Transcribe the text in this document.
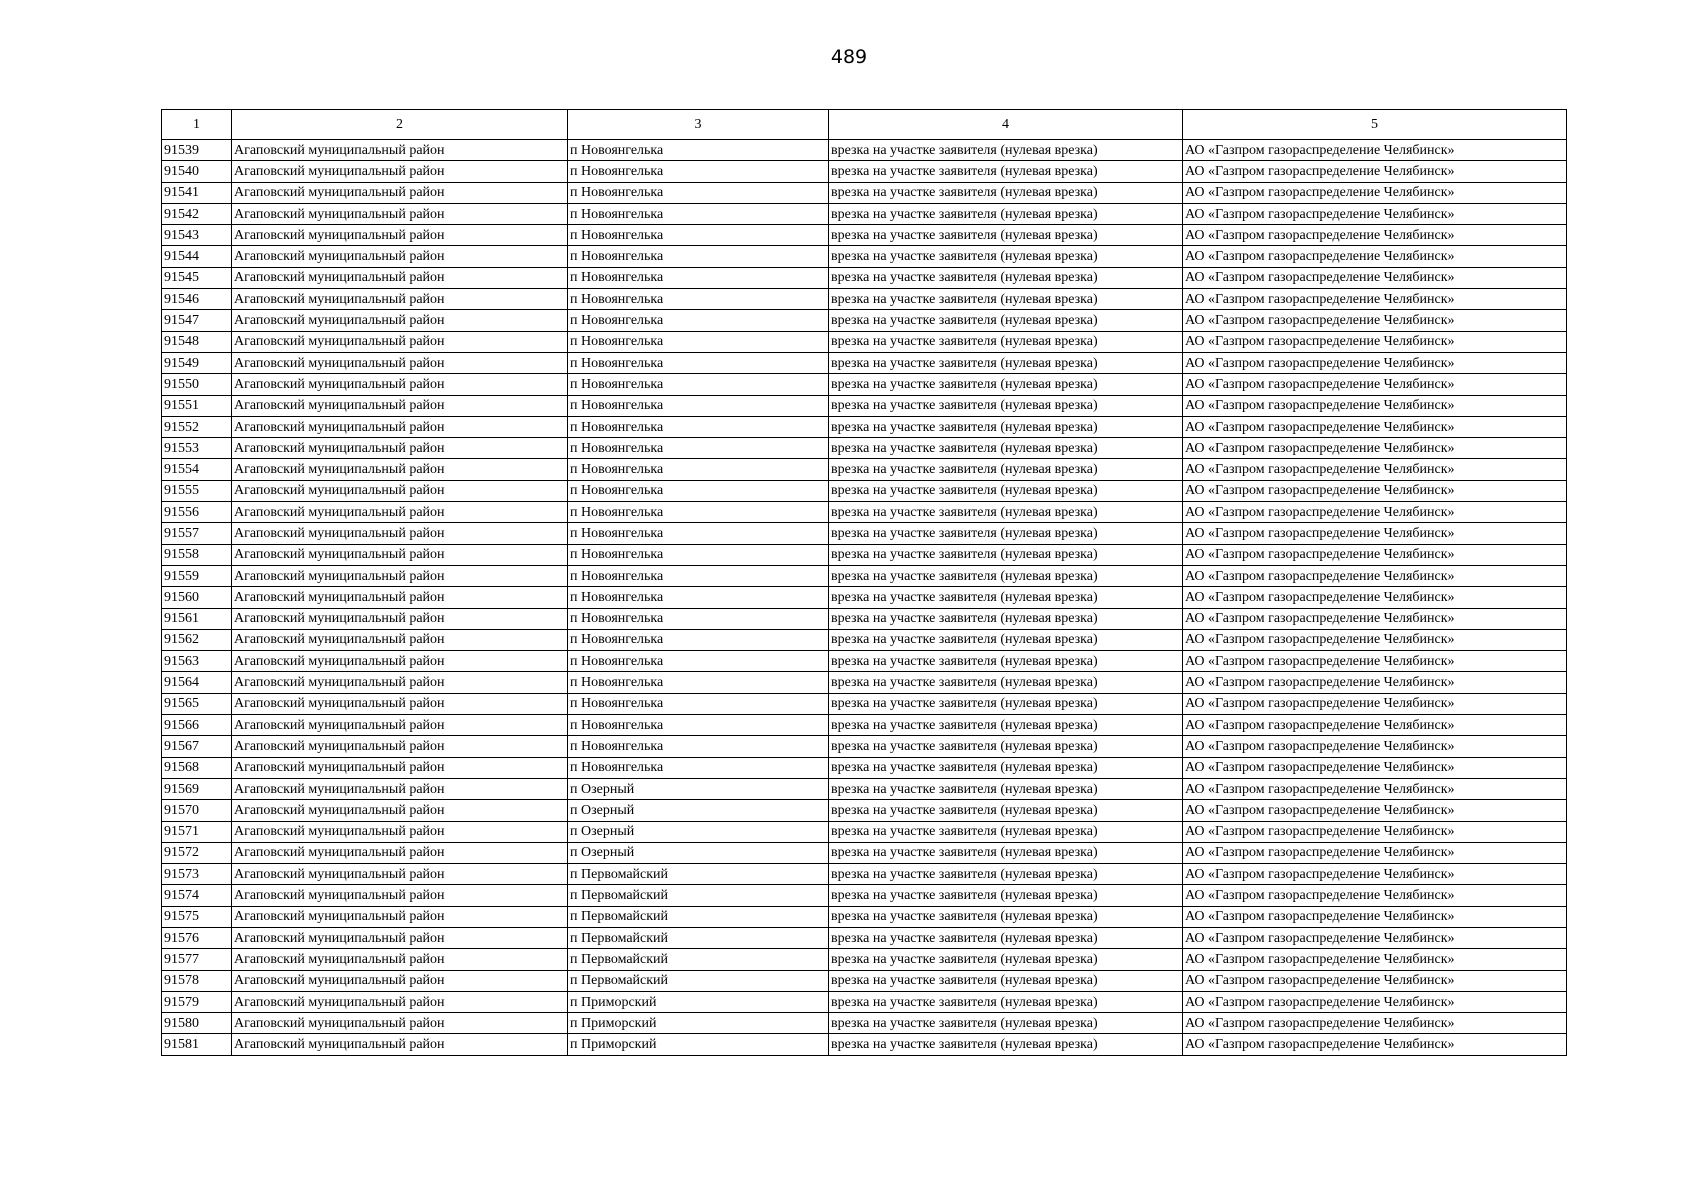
489
1	2	3	4	5
91539	Агаповский муниципальный район	п Новоянгелька	врезка на участке заявителя (нулевая врезка)	АО «Газпром газораспределение Челябинск»
91540	Агаповский муниципальный район	п Новоянгелька	врезка на участке заявителя (нулевая врезка)	АО «Газпром газораспределение Челябинск»
91541	Агаповский муниципальный район	п Новоянгелька	врезка на участке заявителя (нулевая врезка)	АО «Газпром газораспределение Челябинск»
91542	Агаповский муниципальный район	п Новоянгелька	врезка на участке заявителя (нулевая врезка)	АО «Газпром газораспределение Челябинск»
91543	Агаповский муниципальный район	п Новоянгелька	врезка на участке заявителя (нулевая врезка)	АО «Газпром газораспределение Челябинск»
91544	Агаповский муниципальный район	п Новоянгелька	врезка на участке заявителя (нулевая врезка)	АО «Газпром газораспределение Челябинск»
91545	Агаповский муниципальный район	п Новоянгелька	врезка на участке заявителя (нулевая врезка)	АО «Газпром газораспределение Челябинск»
91546	Агаповский муниципальный район	п Новоянгелька	врезка на участке заявителя (нулевая врезка)	АО «Газпром газораспределение Челябинск»
91547	Агаповский муниципальный район	п Новоянгелька	врезка на участке заявителя (нулевая врезка)	АО «Газпром газораспределение Челябинск»
91548	Агаповский муниципальный район	п Новоянгелька	врезка на участке заявителя (нулевая врезка)	АО «Газпром газораспределение Челябинск»
91549	Агаповский муниципальный район	п Новоянгелька	врезка на участке заявителя (нулевая врезка)	АО «Газпром газораспределение Челябинск»
91550	Агаповский муниципальный район	п Новоянгелька	врезка на участке заявителя (нулевая врезка)	АО «Газпром газораспределение Челябинск»
91551	Агаповский муниципальный район	п Новоянгелька	врезка на участке заявителя (нулевая врезка)	АО «Газпром газораспределение Челябинск»
91552	Агаповский муниципальный район	п Новоянгелька	врезка на участке заявителя (нулевая врезка)	АО «Газпром газораспределение Челябинск»
91553	Агаповский муниципальный район	п Новоянгелька	врезка на участке заявителя (нулевая врезка)	АО «Газпром газораспределение Челябинск»
91554	Агаповский муниципальный район	п Новоянгелька	врезка на участке заявителя (нулевая врезка)	АО «Газпром газораспределение Челябинск»
91555	Агаповский муниципальный район	п Новоянгелька	врезка на участке заявителя (нулевая врезка)	АО «Газпром газораспределение Челябинск»
91556	Агаповский муниципальный район	п Новоянгелька	врезка на участке заявителя (нулевая врезка)	АО «Газпром газораспределение Челябинск»
91557	Агаповский муниципальный район	п Новоянгелька	врезка на участке заявителя (нулевая врезка)	АО «Газпром газораспределение Челябинск»
91558	Агаповский муниципальный район	п Новоянгелька	врезка на участке заявителя (нулевая врезка)	АО «Газпром газораспределение Челябинск»
91559	Агаповский муниципальный район	п Новоянгелька	врезка на участке заявителя (нулевая врезка)	АО «Газпром газораспределение Челябинск»
91560	Агаповский муниципальный район	п Новоянгелька	врезка на участке заявителя (нулевая врезка)	АО «Газпром газораспределение Челябинск»
91561	Агаповский муниципальный район	п Новоянгелька	врезка на участке заявителя (нулевая врезка)	АО «Газпром газораспределение Челябинск»
91562	Агаповский муниципальный район	п Новоянгелька	врезка на участке заявителя (нулевая врезка)	АО «Газпром газораспределение Челябинск»
91563	Агаповский муниципальный район	п Новоянгелька	врезка на участке заявителя (нулевая врезка)	АО «Газпром газораспределение Челябинск»
91564	Агаповский муниципальный район	п Новоянгелька	врезка на участке заявителя (нулевая врезка)	АО «Газпром газораспределение Челябинск»
91565	Агаповский муниципальный район	п Новоянгелька	врезка на участке заявителя (нулевая врезка)	АО «Газпром газораспределение Челябинск»
91566	Агаповский муниципальный район	п Новоянгелька	врезка на участке заявителя (нулевая врезка)	АО «Газпром газораспределение Челябинск»
91567	Агаповский муниципальный район	п Новоянгелька	врезка на участке заявителя (нулевая врезка)	АО «Газпром газораспределение Челябинск»
91568	Агаповский муниципальный район	п Новоянгелька	врезка на участке заявителя (нулевая врезка)	АО «Газпром газораспределение Челябинск»
91569	Агаповский муниципальный район	п Озерный	врезка на участке заявителя (нулевая врезка)	АО «Газпром газораспределение Челябинск»
91570	Агаповский муниципальный район	п Озерный	врезка на участке заявителя (нулевая врезка)	АО «Газпром газораспределение Челябинск»
91571	Агаповский муниципальный район	п Озерный	врезка на участке заявителя (нулевая врезка)	АО «Газпром газораспределение Челябинск»
91572	Агаповский муниципальный район	п Озерный	врезка на участке заявителя (нулевая врезка)	АО «Газпром газораспределение Челябинск»
91573	Агаповский муниципальный район	п Первомайский	врезка на участке заявителя (нулевая врезка)	АО «Газпром газораспределение Челябинск»
91574	Агаповский муниципальный район	п Первомайский	врезка на участке заявителя (нулевая врезка)	АО «Газпром газораспределение Челябинск»
91575	Агаповский муниципальный район	п Первомайский	врезка на участке заявителя (нулевая врезка)	АО «Газпром газораспределение Челябинск»
91576	Агаповский муниципальный район	п Первомайский	врезка на участке заявителя (нулевая врезка)	АО «Газпром газораспределение Челябинск»
91577	Агаповский муниципальный район	п Первомайский	врезка на участке заявителя (нулевая врезка)	АО «Газпром газораспределение Челябинск»
91578	Агаповский муниципальный район	п Первомайский	врезка на участке заявителя (нулевая врезка)	АО «Газпром газораспределение Челябинск»
91579	Агаповский муниципальный район	п Приморский	врезка на участке заявителя (нулевая врезка)	АО «Газпром газораспределение Челябинск»
91580	Агаповский муниципальный район	п Приморский	врезка на участке заявителя (нулевая врезка)	АО «Газпром газораспределение Челябинск»
91581	Агаповский муниципальный район	п Приморский	врезка на участке заявителя (нулевая врезка)	АО «Газпром газораспределение Челябинск»
